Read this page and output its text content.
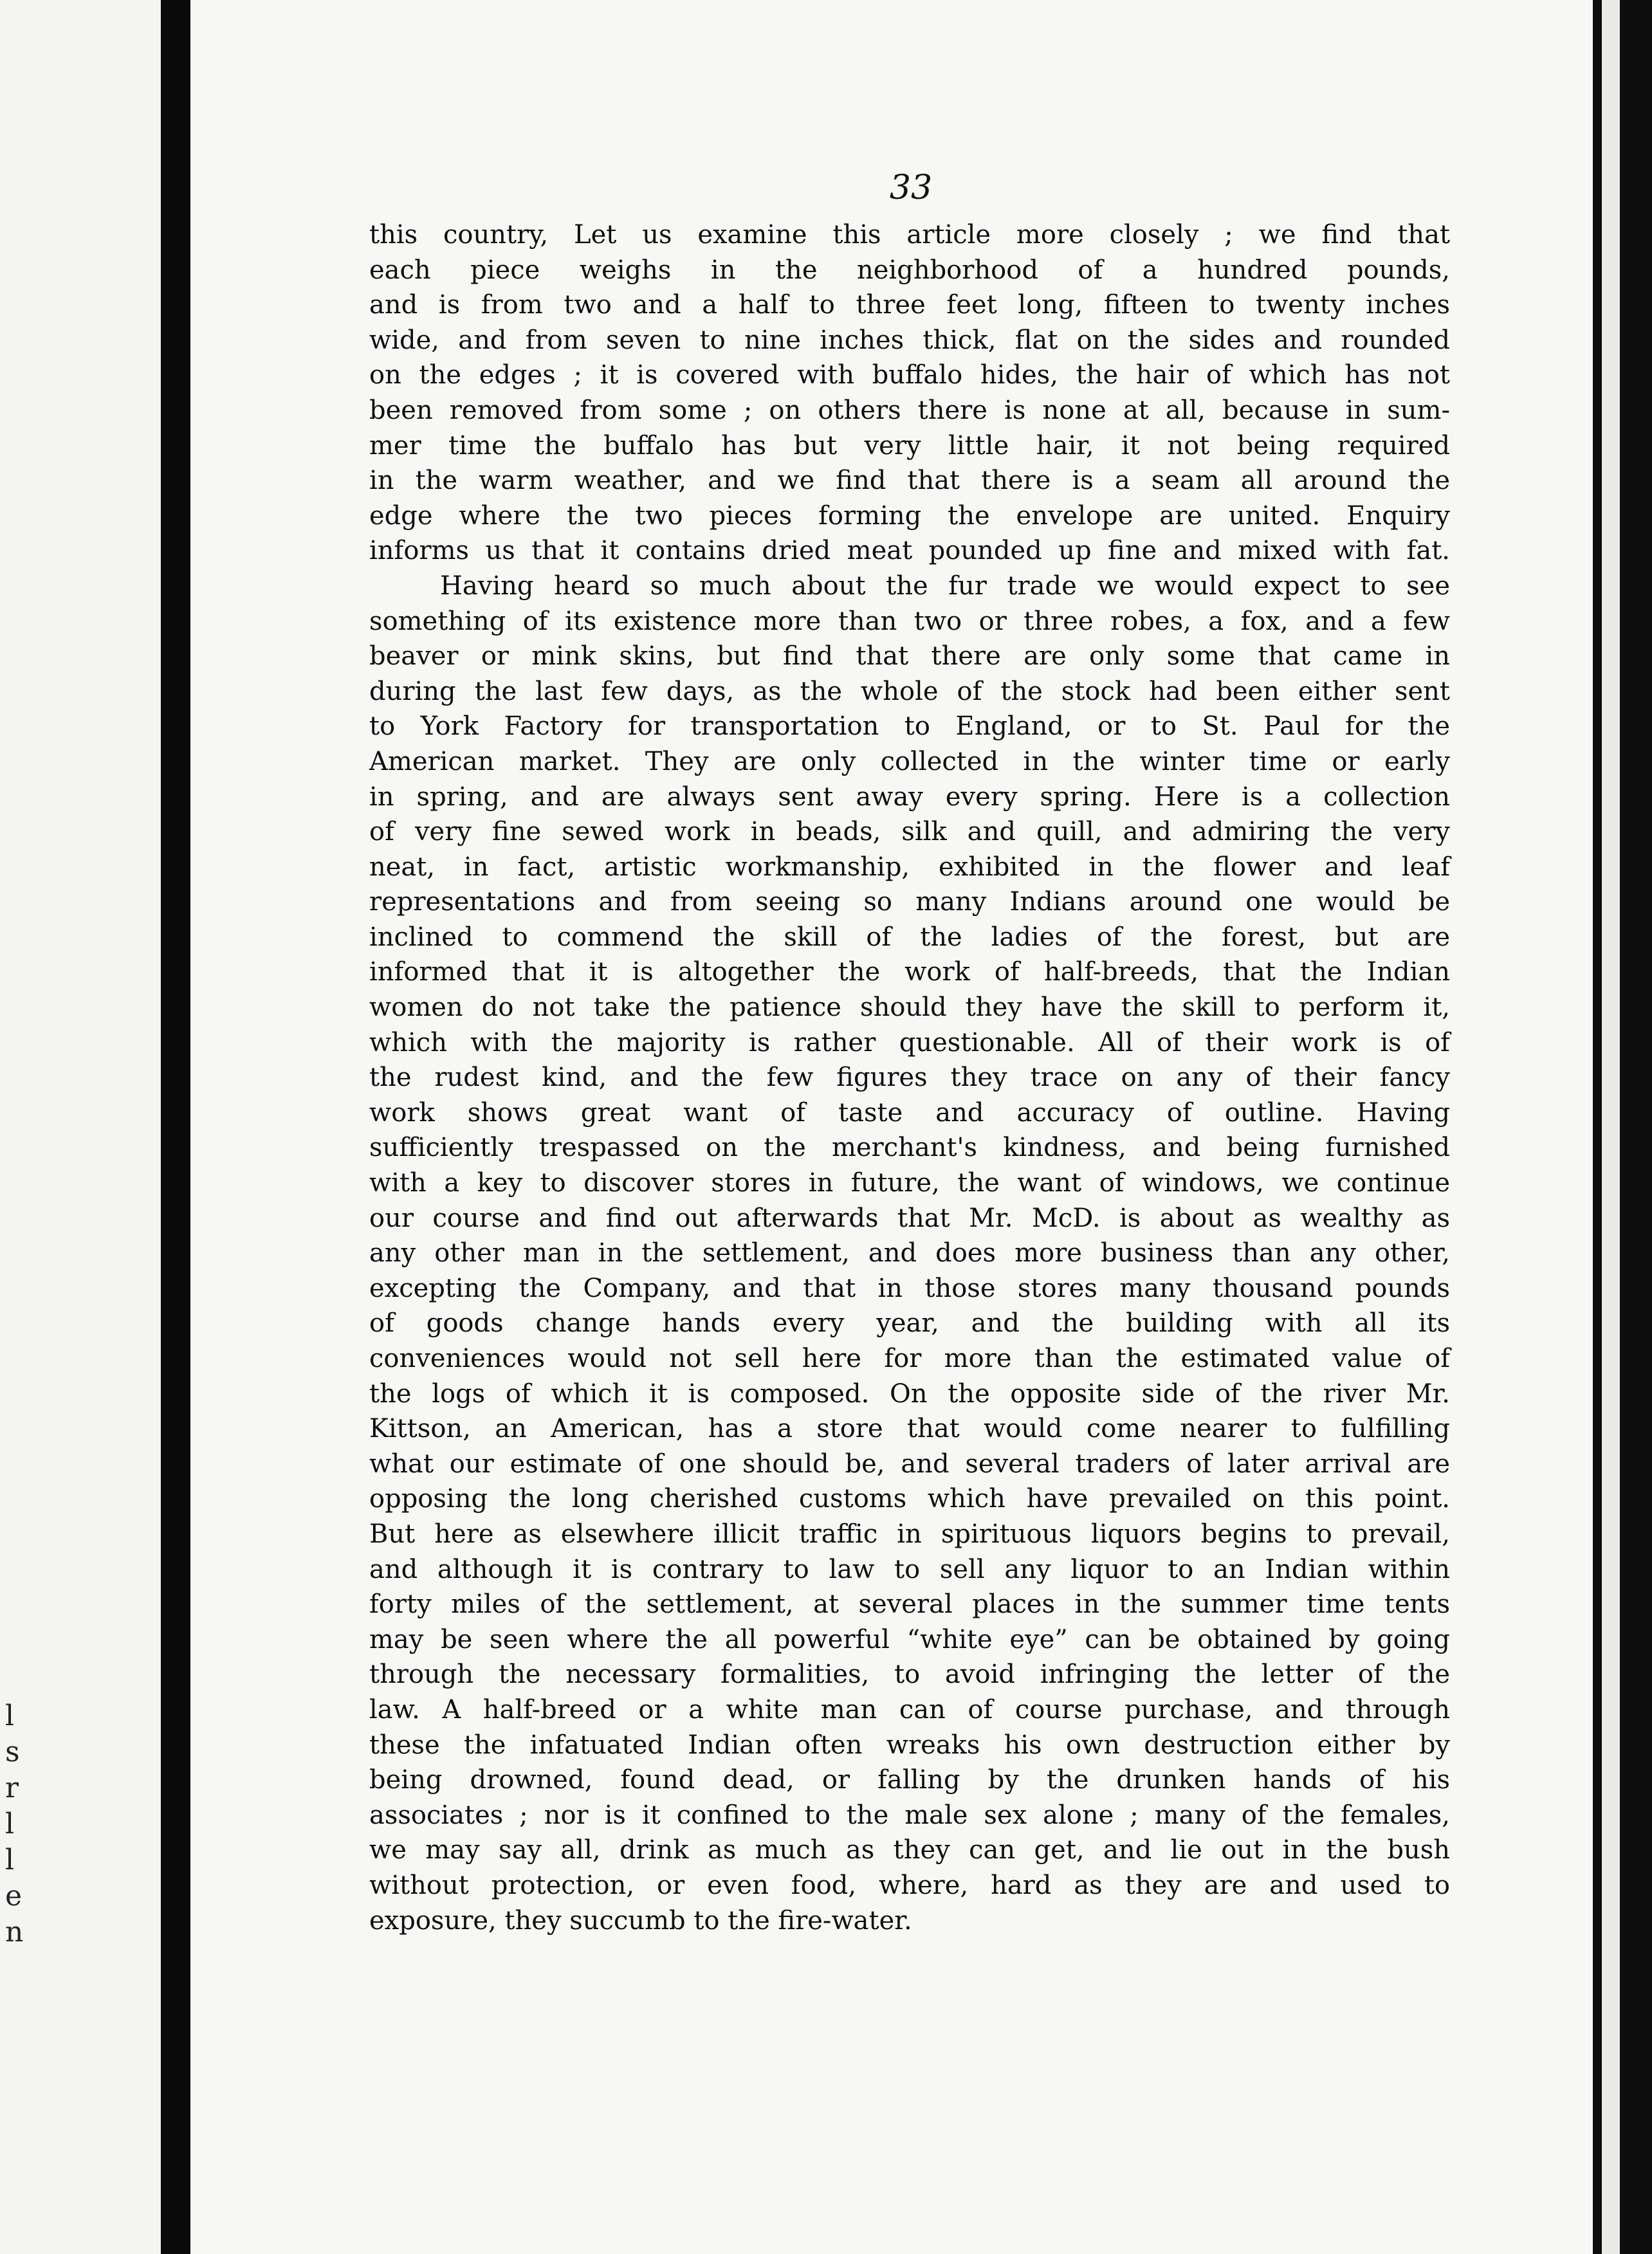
l
s
r
l
l
e
n
33
this country, Let us examine this article more closely ; we find that
each piece weighs in the neighborhood of a hundred pounds,
and is from two and a half to three feet long, fifteen to twenty inches
wide, and from seven to nine inches thick, flat on the sides and rounded
on the edges ; it is covered with buffalo hides, the hair of which has not
been removed from some ; on others there is none at all, because in sum-
mer time the buffalo has but very little hair, it not being required
in the warm weather, and we find that there is a seam all around the
edge where the two pieces forming the envelope are united. Enquiry
informs us that it contains dried meat pounded up fine and mixed with fat.
Having heard so much about the fur trade we would expect to see
something of its existence more than two or three robes, a fox, and a few
beaver or mink skins, but find that there are only some that came in
during the last few days, as the whole of the stock had been either sent
to York Factory for transportation to England, or to St. Paul for the
American market. They are only collected in the winter time or early
in spring, and are always sent away every spring. Here is a collection
of very fine sewed work in beads, silk and quill, and admiring the very
neat, in fact, artistic workmanship, exhibited in the flower and leaf
representations and from seeing so many Indians around one would be
inclined to commend the skill of the ladies of the forest, but are
informed that it is altogether the work of half-breeds, that the Indian
women do not take the patience should they have the skill to perform it,
which with the majority is rather questionable. All of their work is of
the rudest kind, and the few figures they trace on any of their fancy
work shows great want of taste and accuracy of outline. Having
sufficiently trespassed on the merchant's kindness, and being furnished
with a key to discover stores in future, the want of windows, we continue
our course and find out afterwards that Mr. McD. is about as wealthy as
any other man in the settlement, and does more business than any other,
excepting the Company, and that in those stores many thousand pounds
of goods change hands every year, and the building with all its
conveniences would not sell here for more than the estimated value of
the logs of which it is composed. On the opposite side of the river Mr.
Kittson, an American, has a store that would come nearer to fulfilling
what our estimate of one should be, and several traders of later arrival are
opposing the long cherished customs which have prevailed on this point.
But here as elsewhere illicit traffic in spirituous liquors begins to prevail,
and although it is contrary to law to sell any liquor to an Indian within
forty miles of the settlement, at several places in the summer time tents
may be seen where the all powerful “white eye” can be obtained by going
through the necessary formalities, to avoid infringing the letter of the
law. A half-breed or a white man can of course purchase, and through
these the infatuated Indian often wreaks his own destruction either by
being drowned, found dead, or falling by the drunken hands of his
associates ; nor is it confined to the male sex alone ; many of the females,
we may say all, drink as much as they can get, and lie out in the bush
without protection, or even food, where, hard as they are and used to
exposure, they succumb to the fire-water.
